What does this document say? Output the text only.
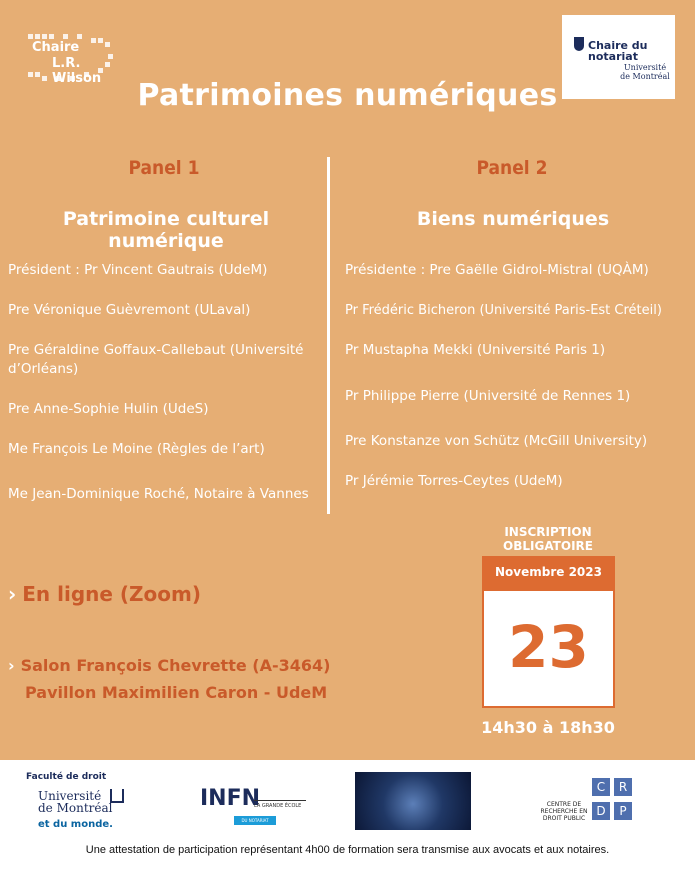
Chaire
L.R. Wilson
Chaire du
notariat
Université
de Montréal
Patrimoines numériques
Panel 1
Patrimoine culturel numérique
Président : Pr Vincent Gautrais (UdeM)
Pre Véronique Guèvremont (ULaval)
Pre Géraldine Goffaux-Callebaut (Université d’Orléans)
Pre Anne-Sophie Hulin (UdeS)
Me François Le Moine (Règles de l’art)
Me Jean-Dominique Roché, Notaire à Vannes
Panel 2
Biens numériques
Présidente : Pre Gaëlle Gidrol-Mistral (UQÀM)
Pr Frédéric Bicheron (Université Paris-Est Créteil)
Pr Mustapha Mekki (Université Paris 1)
Pr Philippe Pierre (Université de Rennes 1)
Pre Konstanze von Schütz (McGill University)
Pr Jérémie Torres-Ceytes (UdeM)
› En ligne (Zoom)
› Salon François Chevrette (A-3464)
Pavillon Maximilien Caron - UdeM
INSCRIPTION OBLIGATOIRE
Novembre 2023
23
14h30 à 18h30
Faculté de droit
Université
de Montréal
et du monde.
INFN
LA GRANDE ÉCOLE
DU NOTARIAT
C	R
D	P
CENTRE DE RECHERCHE EN DROIT PUBLIC

Une attestation de participation représentant 4h00 de formation sera transmise aux avocats et aux notaires.
